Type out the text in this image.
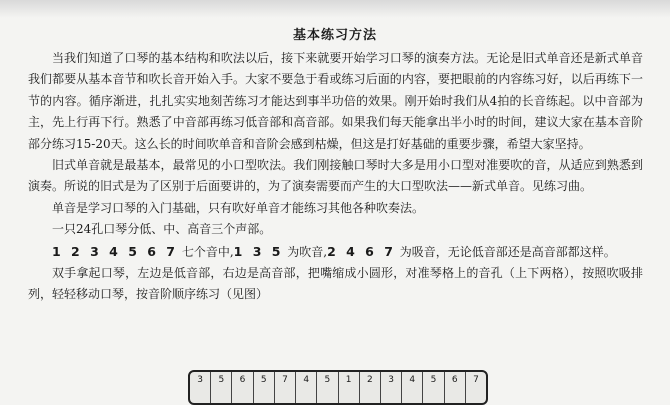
基本练习方法

当我们知道了口琴的基本结构和吹法以后，接下来就要开始学习口琴的演奏方法。无论是旧式单音还是新式单音我们都要从基本音节和吹长音开始入手。大家不要急于看或练习后面的内容，要把眼前的内容练习好，以后再练下一节的内容。循序渐进，扎扎实实地刻苦练习才能达到事半功倍的效果。刚开始时我们从4拍的长音练起。以中音部为主，先上行再下行。熟悉了中音部再练习低音部和高音部。如果我们每天能拿出半小时的时间，建议大家在基本音阶部分练习15-20天。这么长的时间吹单音和音阶会感到枯燥，但这是打好基础的重要步骤，希望大家坚持。

旧式单音就是最基本，最常见的小口型吹法。我们刚接触口琴时大多是用小口型对准要吹的音，从适应到熟悉到演奏。所说的旧式是为了区别于后面要讲的，为了演奏需要而产生的大口型吹法——新式单音。见练习曲。

单音是学习口琴的入门基础，只有吹好单音才能练习其他各种吹奏法。

一只24孔口琴分低、中、高音三个声部。

1 2 3 4 5 6 7 七个音中,1 3 5 为吹音,2 4 6 7 为吸音，无论低音部还是高音部都这样。

双手拿起口琴，左边是低音部，右边是高音部，把嘴缩成小圆形，对准琴格上的音孔（上下两格），按照吹吸排列，轻轻移动口琴，按音阶顺序练习（见图）

3 5 6 5 7 4 5 1 2 3 4 5 6 7
